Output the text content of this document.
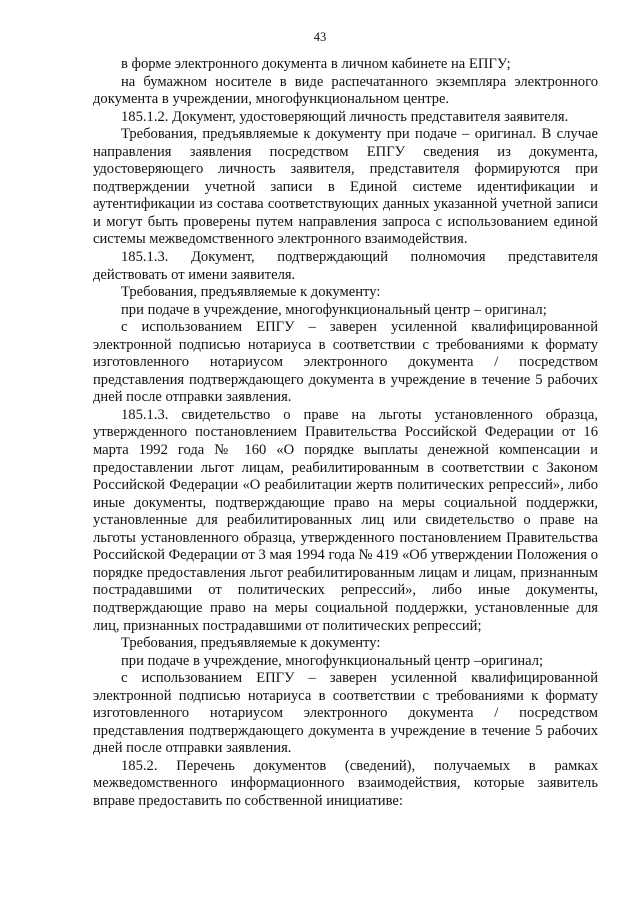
43

в форме электронного документа в личном кабинете на ЕПГУ;

на бумажном носителе в виде распечатанного экземпляра электронного документа в учреждении, многофункциональном центре.

185.1.2. Документ, удостоверяющий личность представителя заявителя.

Требования, предъявляемые к документу при подаче – оригинал. В случае направления заявления посредством ЕПГУ сведения из документа, удостоверяющего личность заявителя, представителя формируются при подтверждении учетной записи в Единой системе идентификации и аутентификации из состава соответствующих данных указанной учетной записи и могут быть проверены путем направления запроса с использованием единой системы межведомственного электронного взаимодействия.

185.1.3. Документ, подтверждающий полномочия представителя действовать от имени заявителя.

Требования, предъявляемые к документу:

при подаче в учреждение, многофункциональный центр – оригинал;

с использованием ЕПГУ – заверен усиленной квалифицированной электронной подписью нотариуса в соответствии с требованиями к формату изготовленного нотариусом электронного документа / посредством представления подтверждающего документа в учреждение в течение 5 рабочих дней после отправки заявления.

185.1.3. свидетельство о праве на льготы установленного образца, утвержденного постановлением Правительства Российской Федерации от 16 марта 1992 года № 160 «О порядке выплаты денежной компенсации и предоставлении льгот лицам, реабилитированным в соответствии с Законом Российской Федерации «О реабилитации жертв политических репрессий», либо иные документы, подтверждающие право на меры социальной поддержки, установленные для реабилитированных лиц или свидетельство о праве на льготы установленного образца, утвержденного постановлением Правительства Российской Федерации от 3 мая 1994 года № 419 «Об утверждении Положения о порядке предоставления льгот реабилитированным лицам и лицам, признанным пострадавшими от политических репрессий», либо иные документы, подтверждающие право на меры социальной поддержки, установленные для лиц, признанных пострадавшими от политических репрессий;

Требования, предъявляемые к документу:

при подаче в учреждение, многофункциональный центр –оригинал;

с использованием ЕПГУ – заверен усиленной квалифицированной электронной подписью нотариуса в соответствии с требованиями к формату изготовленного нотариусом электронного документа / посредством представления подтверждающего документа в учреждение в течение 5 рабочих дней после отправки заявления.

185.2. Перечень документов (сведений), получаемых в рамках межведомственного информационного взаимодействия, которые заявитель вправе предоставить по собственной инициативе:
